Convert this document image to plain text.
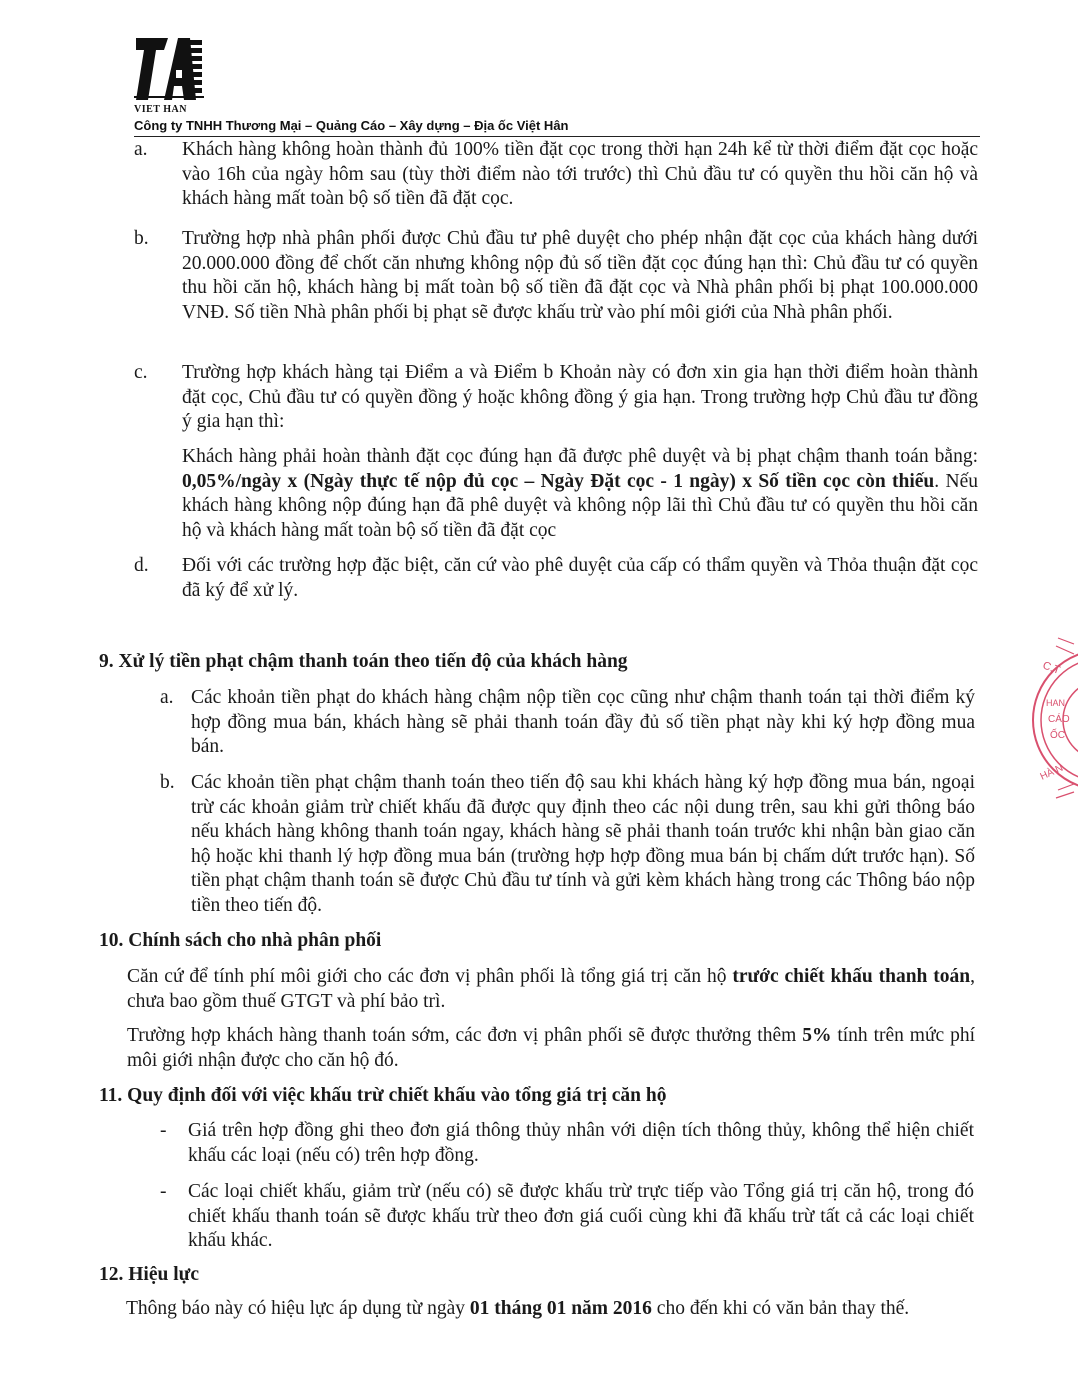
VIET HAN
Công ty TNHH Thương Mại – Quảng Cáo – Xây dựng – Địa ốc Việt Hân
a. Khách hàng không hoàn thành đủ 100% tiền đặt cọc trong thời hạn 24h kể từ thời điểm đặt cọc hoặc vào 16h của ngày hôm sau (tùy thời điểm nào tới trước) thì Chủ đầu tư có quyền thu hồi căn hộ và khách hàng mất toàn bộ số tiền đã đặt cọc.
b. Trường hợp nhà phân phối được Chủ đầu tư phê duyệt cho phép nhận đặt cọc của khách hàng dưới 20.000.000 đồng để chốt căn nhưng không nộp đủ số tiền đặt cọc đúng hạn thì: Chủ đầu tư có quyền thu hồi căn hộ, khách hàng bị mất toàn bộ số tiền đã đặt cọc và Nhà phân phối bị phạt 100.000.000 VNĐ. Số tiền Nhà phân phối bị phạt sẽ được khấu trừ vào phí môi giới của Nhà phân phối.
c. Trường hợp khách hàng tại Điểm a và Điểm b Khoản này có đơn xin gia hạn thời điểm hoàn thành đặt cọc, Chủ đầu tư có quyền đồng ý hoặc không đồng ý gia hạn. Trong trường hợp Chủ đầu tư đồng ý gia hạn thì:
Khách hàng phải hoàn thành đặt cọc đúng hạn đã được phê duyệt và bị phạt chậm thanh toán bằng: 0,05%/ngày x (Ngày thực tế nộp đủ cọc – Ngày Đặt cọc - 1 ngày) x Số tiền cọc còn thiếu. Nếu khách hàng không nộp đúng hạn đã phê duyệt và không nộp lãi thì Chủ đầu tư có quyền thu hồi căn hộ và khách hàng mất toàn bộ số tiền đã đặt cọc
d. Đối với các trường hợp đặc biệt, căn cứ vào phê duyệt của cấp có thẩm quyền và Thỏa thuận đặt cọc đã ký để xử lý.
9. Xử lý tiền phạt chậm thanh toán theo tiến độ của khách hàng
a. Các khoản tiền phạt do khách hàng chậm nộp tiền cọc cũng như chậm thanh toán tại thời điểm ký hợp đồng mua bán, khách hàng sẽ phải thanh toán đầy đủ số tiền phạt này khi ký hợp đồng mua bán.
b. Các khoản tiền phạt chậm thanh toán theo tiến độ sau khi khách hàng ký hợp đồng mua bán, ngoại trừ các khoản giảm trừ chiết khấu đã được quy định theo các nội dung trên, sau khi gửi thông báo nếu khách hàng không thanh toán ngay, khách hàng sẽ phải thanh toán trước khi nhận bàn giao căn hộ hoặc khi thanh lý hợp đồng mua bán (trường hợp hợp đồng mua bán bị chấm dứt trước hạn). Số tiền phạt chậm thanh toán sẽ được Chủ đầu tư tính và gửi kèm khách hàng trong các Thông báo nộp tiền theo tiến độ.
10. Chính sách cho nhà phân phối
Căn cứ để tính phí môi giới cho các đơn vị phân phối là tổng giá trị căn hộ trước chiết khấu thanh toán, chưa bao gồm thuế GTGT và phí bảo trì.
Trường hợp khách hàng thanh toán sớm, các đơn vị phân phối sẽ được thưởng thêm 5% tính trên mức phí môi giới nhận được cho căn hộ đó.
11. Quy định đối với việc khấu trừ chiết khấu vào tổng giá trị căn hộ
- Giá trên hợp đồng ghi theo đơn giá thông thủy nhân với diện tích thông thủy, không thể hiện chiết khấu các loại (nếu có) trên hợp đồng.
- Các loại chiết khấu, giảm trừ (nếu có) sẽ được khấu trừ trực tiếp vào Tổng giá trị căn hộ, trong đó chiết khấu thanh toán sẽ được khấu trừ theo đơn giá cuối cùng khi đã khấu trừ tất cả các loại chiết khấu khác.
12. Hiệu lực
Thông báo này có hiệu lực áp dụng từ ngày 01 tháng 01 năm 2016 cho đến khi có văn bản thay thế.
C.T
HAN
CÁO
ỐC
HÀ N
